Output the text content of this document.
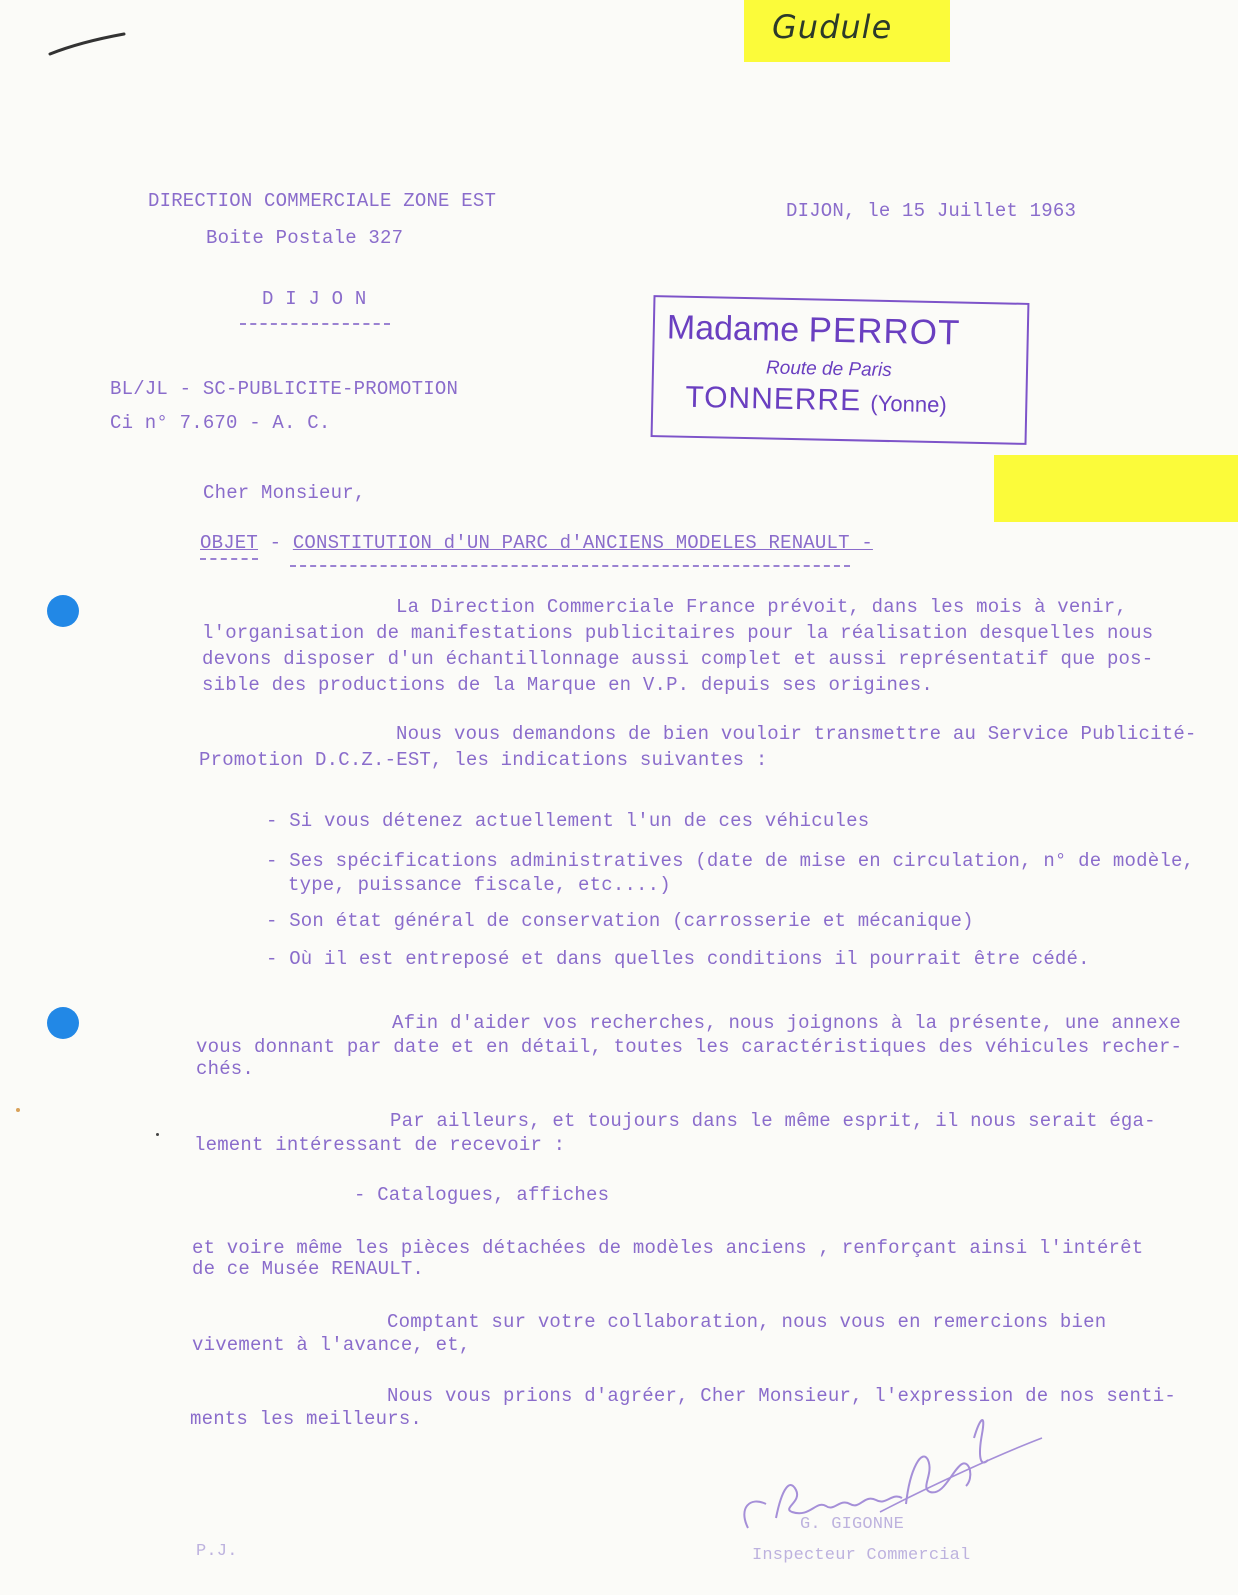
Gudule
DIRECTION COMMERCIALE ZONE EST
Boite Postale 327
D I J O N
DIJON, le 15 Juillet 1963
BL/JL - SC-PUBLICITE-PROMOTION
Ci n° 7.670 - A. C.
Madame PERROT
Route de Paris
TONNERRE (Yonne)
Cher Monsieur,
OBJET - CONSTITUTION d'UN PARC d'ANCIENS MODELES RENAULT -
La Direction Commerciale France prévoit, dans les mois à venir,
l'organisation de manifestations publicitaires pour la réalisation desquelles nous
devons disposer d'un échantillonnage aussi complet et aussi représentatif que pos-
sible des productions de la Marque en V.P. depuis ses origines.
Nous vous demandons de bien vouloir transmettre au Service Publicité-
Promotion D.C.Z.-EST, les indications suivantes :
- Si vous détenez actuellement l'un de ces véhicules
- Ses spécifications administratives (date de mise en circulation, n° de modèle,
type, puissance fiscale, etc....)
- Son état général de conservation (carrosserie et mécanique)
- Où il est entreposé et dans quelles conditions il pourrait être cédé.
Afin d'aider vos recherches, nous joignons à la présente, une annexe
vous donnant par date et en détail, toutes les caractéristiques des véhicules recher-
chés.
Par ailleurs, et toujours dans le même esprit, il nous serait éga-
lement intéressant de recevoir :
- Catalogues, affiches
et voire même les pièces détachées de modèles anciens , renforçant ainsi l'intérêt
de ce Musée RENAULT.
Comptant sur votre collaboration, nous vous en remercions bien
vivement à l'avance, et,
Nous vous prions d'agréer, Cher Monsieur, l'expression de nos senti-
ments les meilleurs.
G. GIGONNE
Inspecteur Commercial
P.J.
